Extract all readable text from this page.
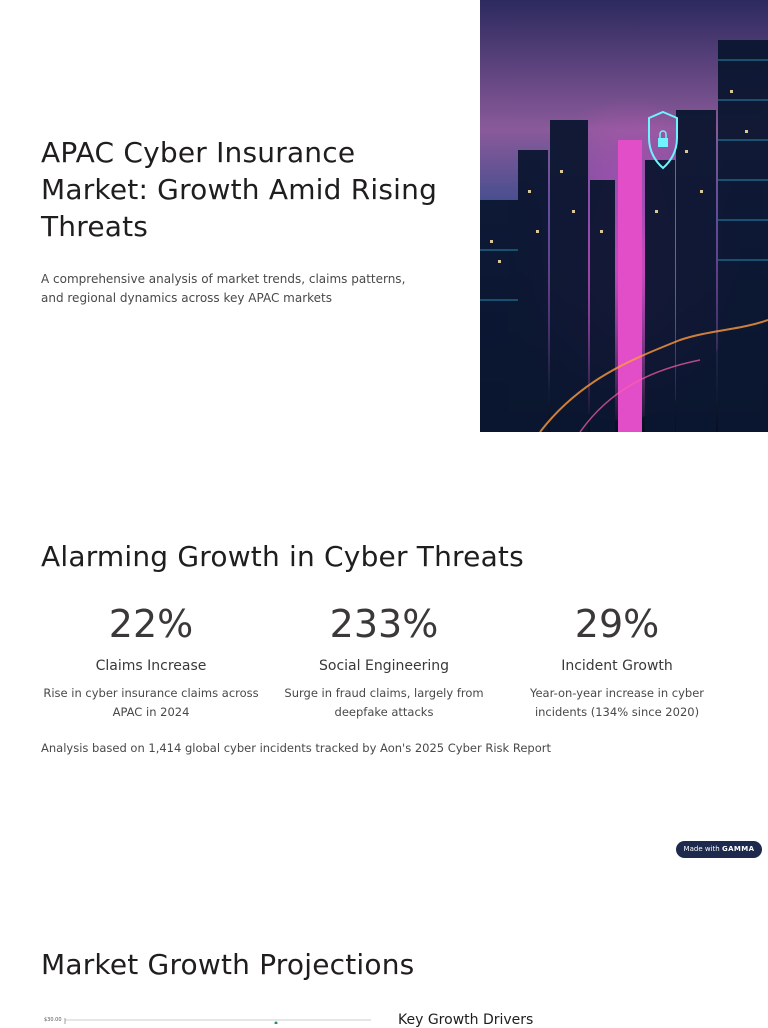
APAC Cyber Insurance Market: Growth Amid Rising Threats

A comprehensive analysis of market trends, claims patterns, and regional dynamics across key APAC markets

Alarming Growth in Cyber Threats
22%
Claims Increase
Rise in cyber insurance claims across APAC in 2024
233%
Social Engineering
Surge in fraud claims, largely from deepfake attacks
29%
Incident Growth
Year-on-year increase in cyber incidents (134% since 2020)
Analysis based on 1,414 global cyber incidents tracked by Aon's 2025 Cyber Risk Report
Made with GAMMA
Market Growth Projections
$30.00	Key Growth Drivers
